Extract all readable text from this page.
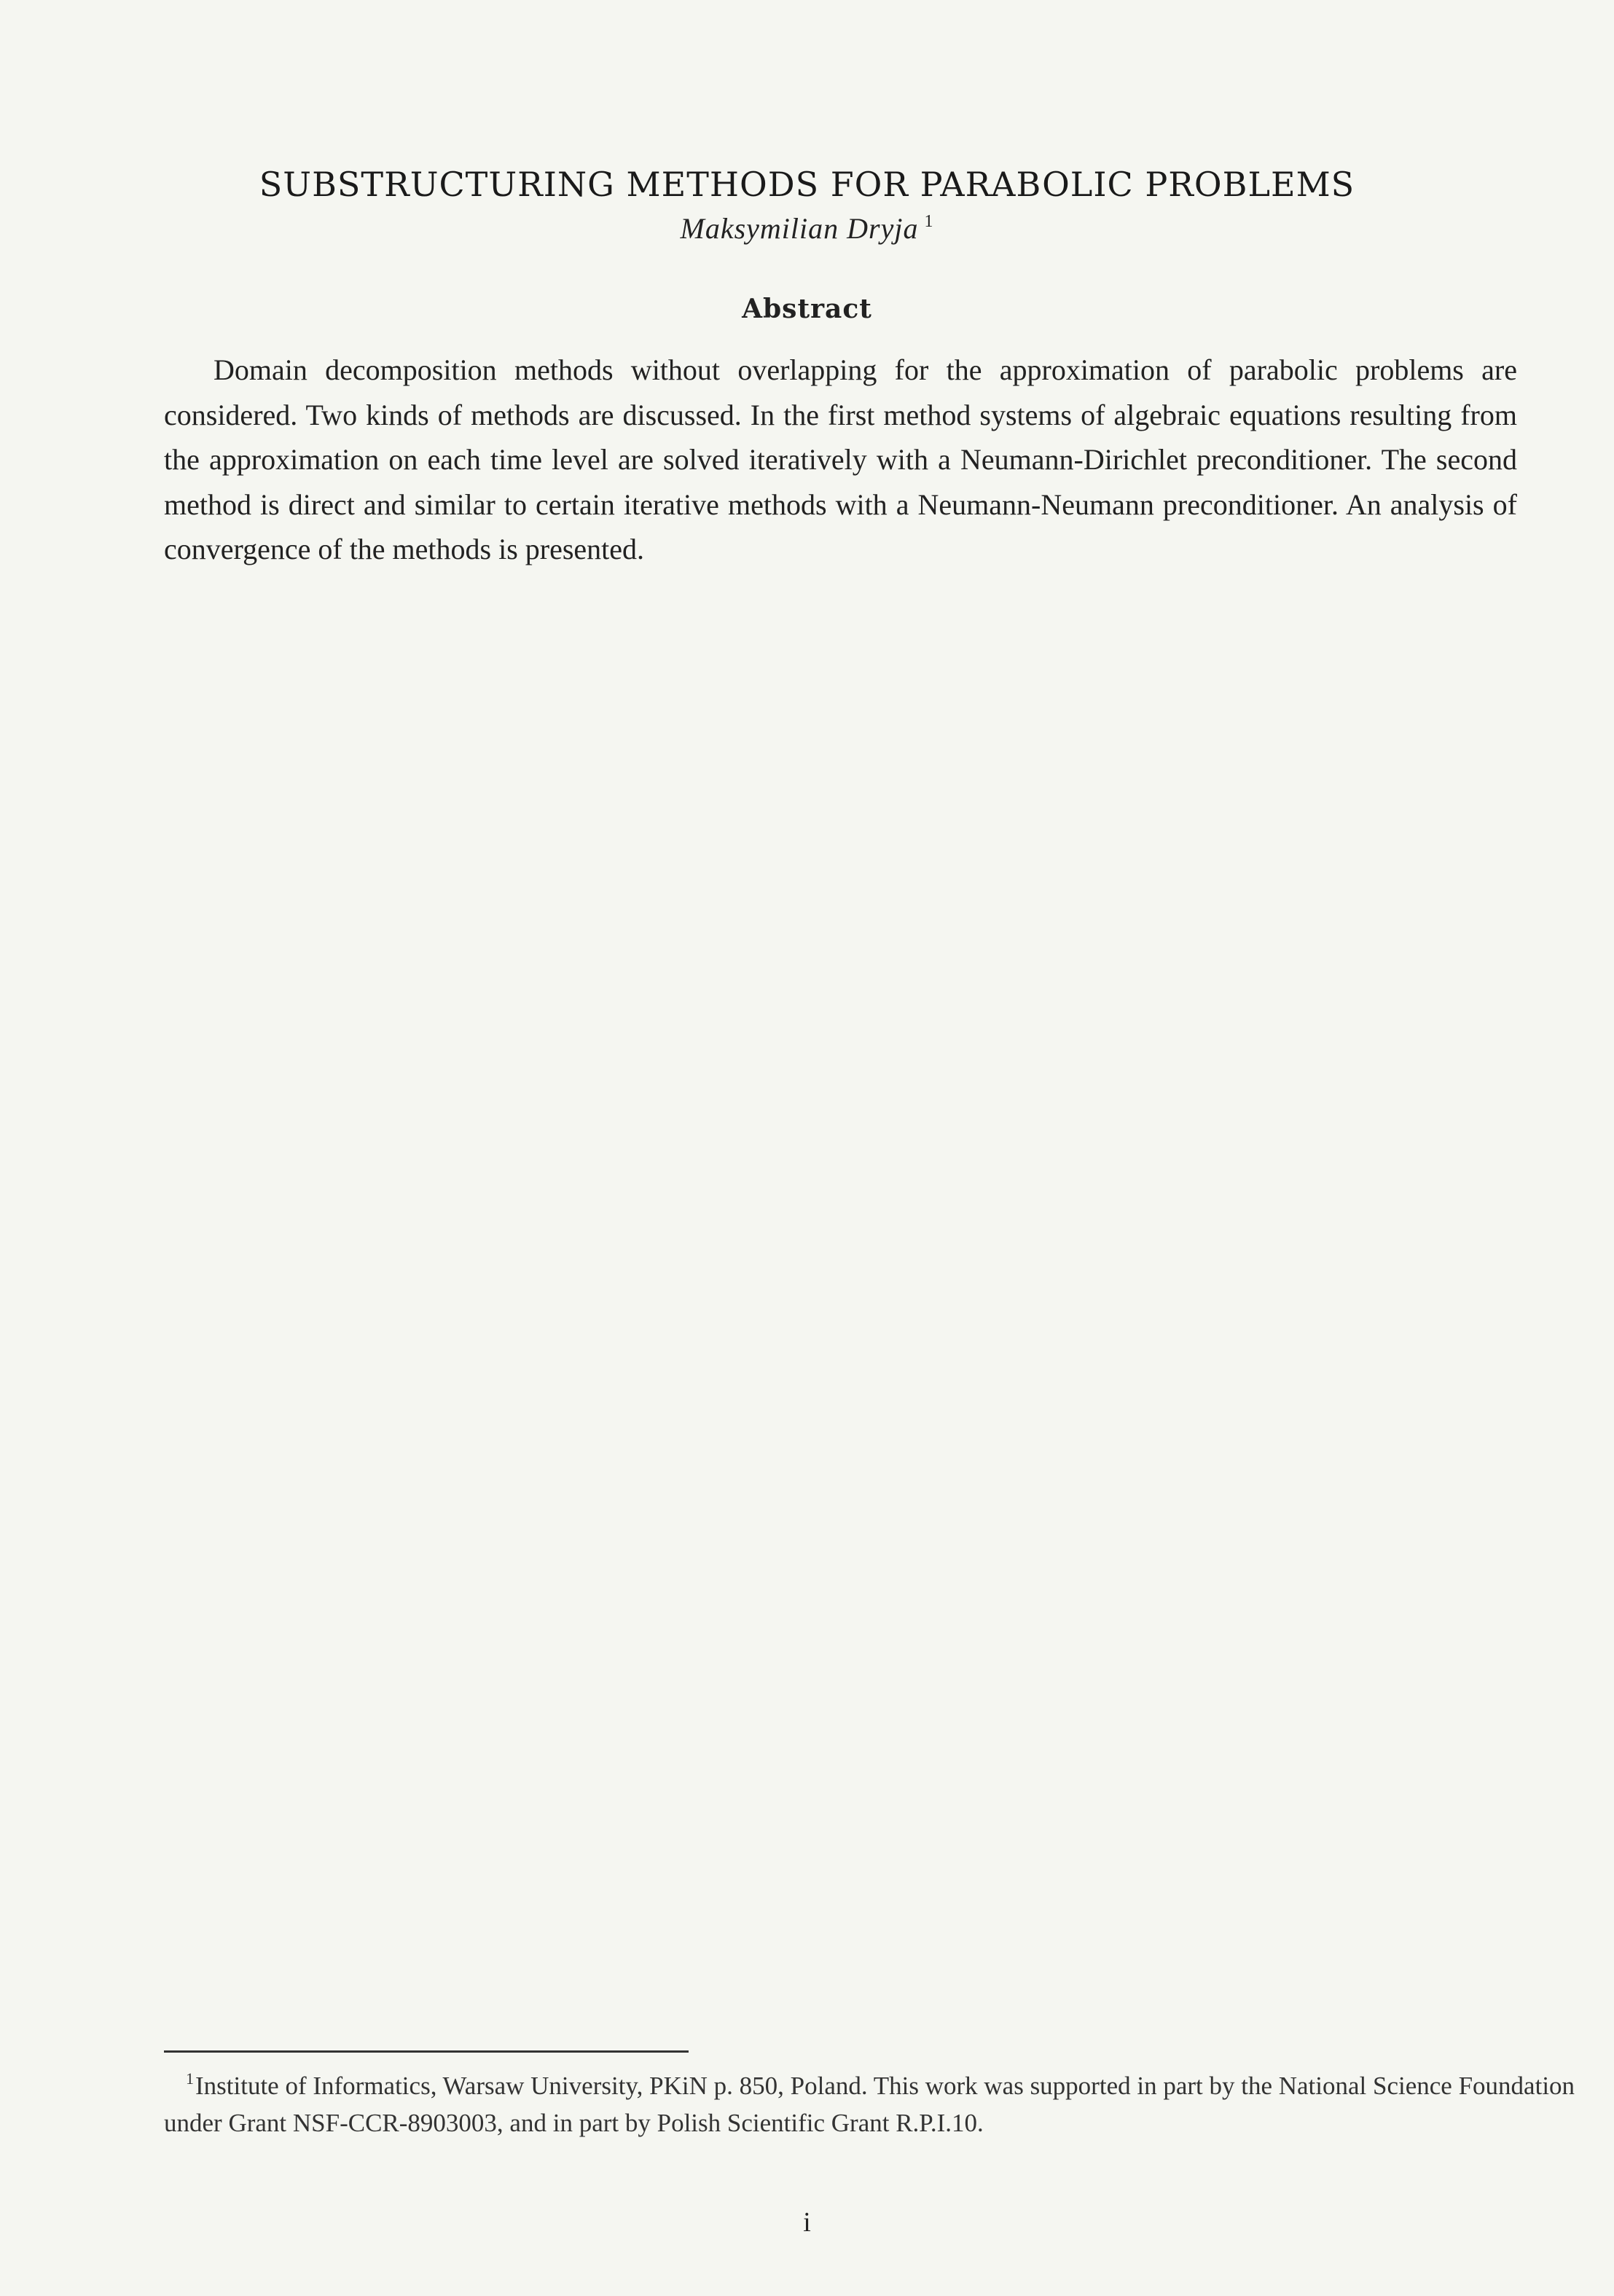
SUBSTRUCTURING METHODS FOR PARABOLIC PROBLEMS
Maksymilian Dryja $^1$
Abstract

Domain decomposition methods without overlapping for the approximation of parabolic problems are considered. Two kinds of methods are discussed. In the first method systems of algebraic equations resulting from the approximation on each time level are solved iteratively with a Neumann-Dirichlet preconditioner. The second method is direct and similar to certain iterative methods with a Neumann-Neumann preconditioner. An analysis of convergence of the methods is presented.

$^1$Institute of Informatics, Warsaw University, PKiN p. 850, Poland. This work was supported in part by the National Science Foundation under Grant NSF-CCR-8903003, and in part by Polish Scientific Grant R.P.I.10.

i
